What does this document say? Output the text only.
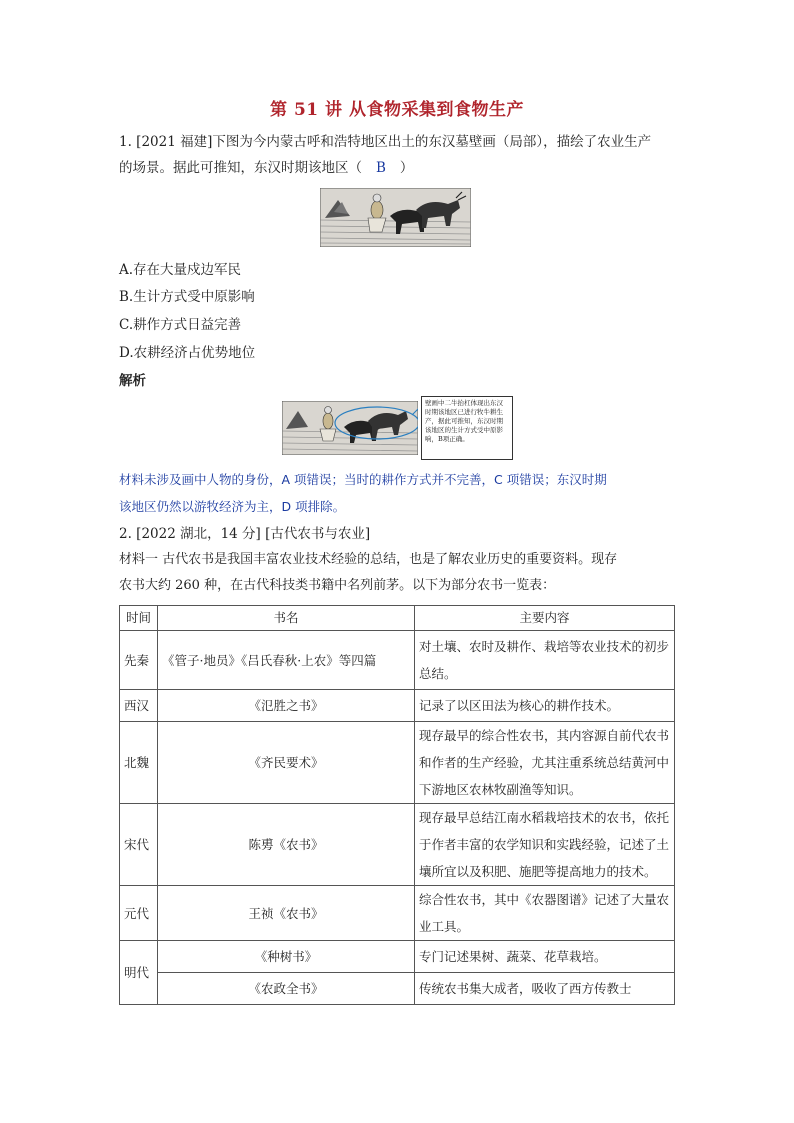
第 51 讲 从食物采集到食物生产
1. [2021 福建]下图为今内蒙古呼和浩特地区出土的东汉墓壁画（局部），描绘了农业生产
的场景。据此可推知，东汉时期该地区（ B ）
A.存在大量戍边军民
B.生计方式受中原影响
C.耕作方式日益完善
D.农耕经济占优势地位
解析
壁画中二牛抬杠体现出东汉时期该地区已进行牧牛耕生产，据此可推知，东汉时期该地区的生计方式受中原影响，B项正确。
材料未涉及画中人物的身份，A 项错误；当时的耕作方式并不完善，C 项错误；东汉时期
该地区仍然以游牧经济为主，D 项排除。
2. [2022 湖北，14 分] [古代农书与农业]
材料一 古代农书是我国丰富农业技术经验的总结，也是了解农业历史的重要资料。现存
农书大约 260 种，在古代科技类书籍中名列前茅。以下为部分农书一览表：
时间	书名	主要内容
先秦	《管子·地员》《吕氏春秋·上农》等四篇	对土壤、农时及耕作、栽培等农业技术的初步总结。
西汉	《氾胜之书》	记录了以区田法为核心的耕作技术。
北魏	《齐民要术》	现存最早的综合性农书，其内容源自前代农书和作者的生产经验，尤其注重系统总结黄河中下游地区农林牧副渔等知识。
宋代	陈旉《农书》	现存最早总结江南水稻栽培技术的农书，依托于作者丰富的农学知识和实践经验，记述了土壤所宜以及积肥、施肥等提高地力的技术。
元代	王祯《农书》	综合性农书，其中《农器图谱》记述了大量农业工具。
明代	《种树书》	专门记述果树、蔬菜、花草栽培。
	《农政全书》	传统农书集大成者，吸收了西方传教士
